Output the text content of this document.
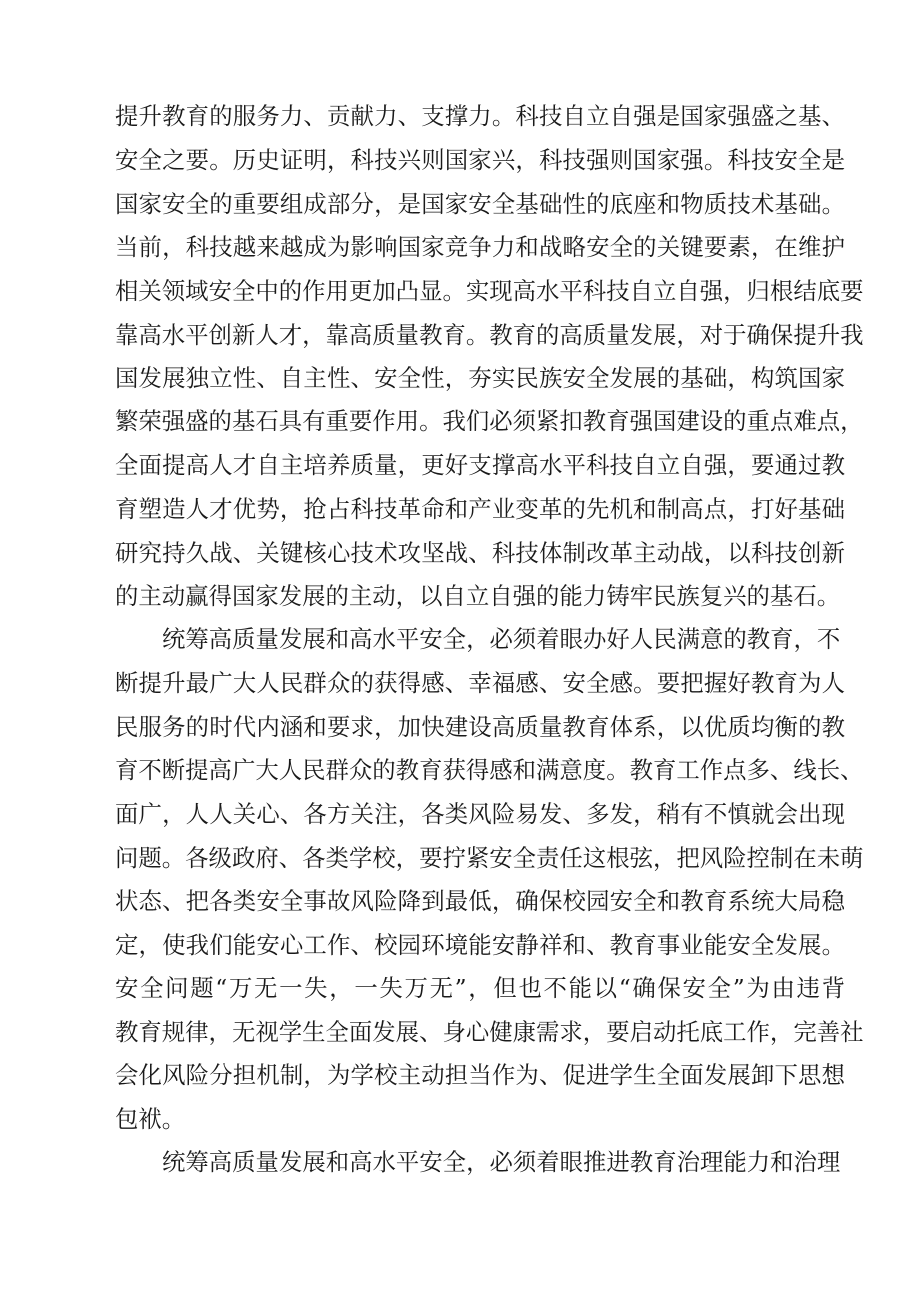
提升教育的服务力、贡献力、支撑力。科技自立自强是国家强盛之基、
安全之要。历史证明，科技兴则国家兴，科技强则国家强。科技安全是
国家安全的重要组成部分，是国家安全基础性的底座和物质技术基础。
当前，科技越来越成为影响国家竞争力和战略安全的关键要素，在维护
相关领域安全中的作用更加凸显。实现高水平科技自立自强，归根结底要
靠高水平创新人才，靠高质量教育。教育的高质量发展，对于确保提升我
国发展独立性、自主性、安全性，夯实民族安全发展的基础，构筑国家
繁荣强盛的基石具有重要作用。我们必须紧扣教育强国建设的重点难点，
全面提高人才自主培养质量，更好支撑高水平科技自立自强，要通过教
育塑造人才优势，抢占科技革命和产业变革的先机和制高点，打好基础
研究持久战、关键核心技术攻坚战、科技体制改革主动战，以科技创新
的主动赢得国家发展的主动，以自立自强的能力铸牢民族复兴的基石。
统筹高质量发展和高水平安全，必须着眼办好人民满意的教育，不
断提升最广大人民群众的获得感、幸福感、安全感。要把握好教育为人
民服务的时代内涵和要求，加快建设高质量教育体系，以优质均衡的教
育不断提高广大人民群众的教育获得感和满意度。教育工作点多、线长、
面广，人人关心、各方关注，各类风险易发、多发，稍有不慎就会出现
问题。各级政府、各类学校，要拧紧安全责任这根弦，把风险控制在未萌
状态、把各类安全事故风险降到最低，确保校园安全和教育系统大局稳
定，使我们能安心工作、校园环境能安静祥和、教育事业能安全发展。
安全问题“万无一失，一失万无”，但也不能以“确保安全”为由违背
教育规律，无视学生全面发展、身心健康需求，要启动托底工作，完善社
会化风险分担机制，为学校主动担当作为、促进学生全面发展卸下思想
包袱。
统筹高质量发展和高水平安全，必须着眼推进教育治理能力和治理
